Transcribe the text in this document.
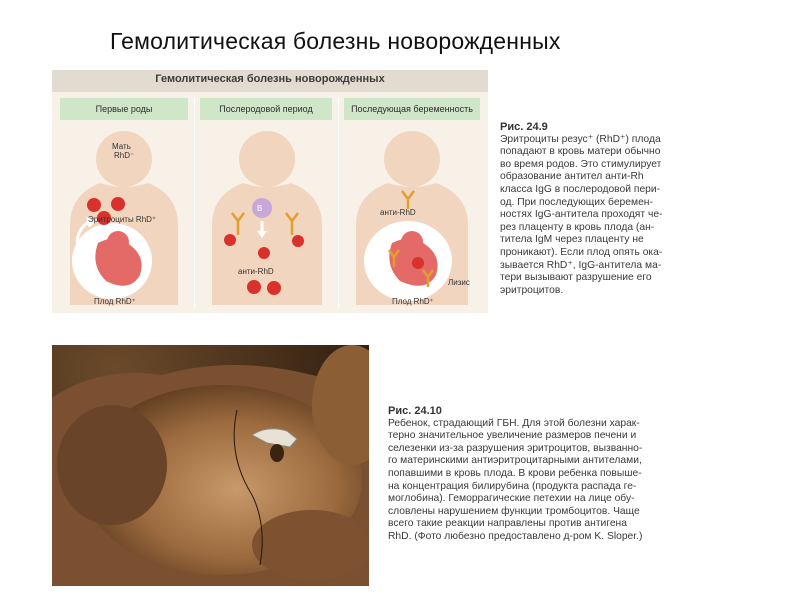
Гемолитическая болезнь новорожденных
Гемолитическая болезнь новорожденных
Первые роды	Послеродовой период	Последующая беременность
Мать
RhD⁻
Эритроциты RhD⁺
Плод RhD⁺
B
анти-RhD
анти-RhD
Лизис
Плод RhD⁺
Рис. 24.9
Эритроциты резус⁺ (RhD⁺) плода
попадают в кровь матери обычно
во время родов. Это стимулирует
образование антител анти-Rh
класса IgG в послеродовой пери-
од. При последующих беремен-
ностях IgG-антитела проходят че-
рез плаценту в кровь плода (ан-
титела IgM через плаценту не
проникают). Если плод опять ока-
зывается RhD⁺, IgG-антитела ма-
тери вызывают разрушение его
эритроцитов.
Рис. 24.10
Ребенок, страдающий ГБН. Для этой болезни харак-
терно значительное увеличение размеров печени и
селезенки из-за разрушения эритроцитов, вызванно-
го материнскими антиэритроцитарными антителами,
попавшими в кровь плода. В крови ребенка повыше-
на концентрация билирубина (продукта распада ге-
моглобина). Геморрагические петехии на лице обу-
словлены нарушением функции тромбоцитов. Чаще
всего такие реакции направлены против антигена
RhD. (Фото любезно предоставлено д-ром K. Sloper.)
